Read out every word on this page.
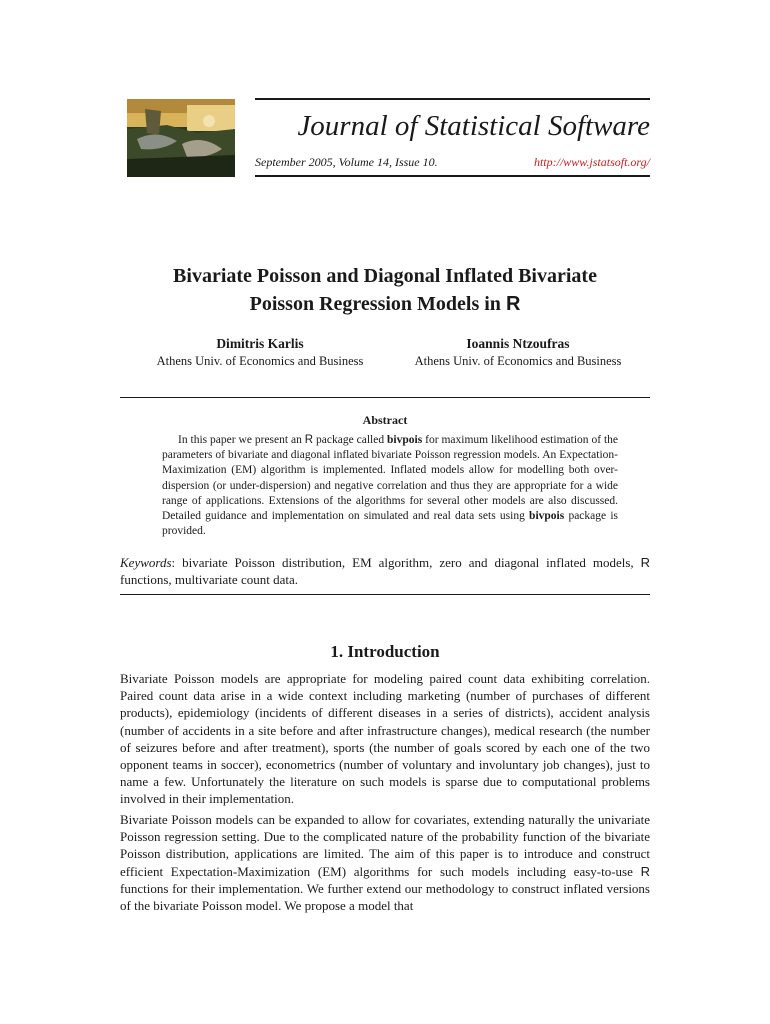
Journal of Statistical Software
September 2005, Volume 14, Issue 10.	http://www.jstatsoft.org/
Bivariate Poisson and Diagonal Inflated Bivariate
Poisson Regression Models in R
Dimitris Karlis
Athens Univ. of Economics and Business
Ioannis Ntzoufras
Athens Univ. of Economics and Business
Abstract
In this paper we present an R package called bivpois for maximum likelihood estimation of the parameters of bivariate and diagonal inflated bivariate Poisson regression models. An Expectation-Maximization (EM) algorithm is implemented. Inflated models allow for modelling both over-dispersion (or under-dispersion) and negative correlation and thus they are appropriate for a wide range of applications. Extensions of the algorithms for several other models are also discussed. Detailed guidance and implementation on simulated and real data sets using bivpois package is provided.
Keywords: bivariate Poisson distribution, EM algorithm, zero and diagonal inflated models, R functions, multivariate count data.
1. Introduction
Bivariate Poisson models are appropriate for modeling paired count data exhibiting correlation. Paired count data arise in a wide context including marketing (number of purchases of different products), epidemiology (incidents of different diseases in a series of districts), accident analysis (number of accidents in a site before and after infrastructure changes), medical research (the number of seizures before and after treatment), sports (the number of goals scored by each one of the two opponent teams in soccer), econometrics (number of voluntary and involuntary job changes), just to name a few. Unfortunately the literature on such models is sparse due to computational problems involved in their implementation.
Bivariate Poisson models can be expanded to allow for covariates, extending naturally the univariate Poisson regression setting. Due to the complicated nature of the probability function of the bivariate Poisson distribution, applications are limited. The aim of this paper is to introduce and construct efficient Expectation-Maximization (EM) algorithms for such models including easy-to-use R functions for their implementation. We further extend our methodology to construct inflated versions of the bivariate Poisson model. We propose a model that
